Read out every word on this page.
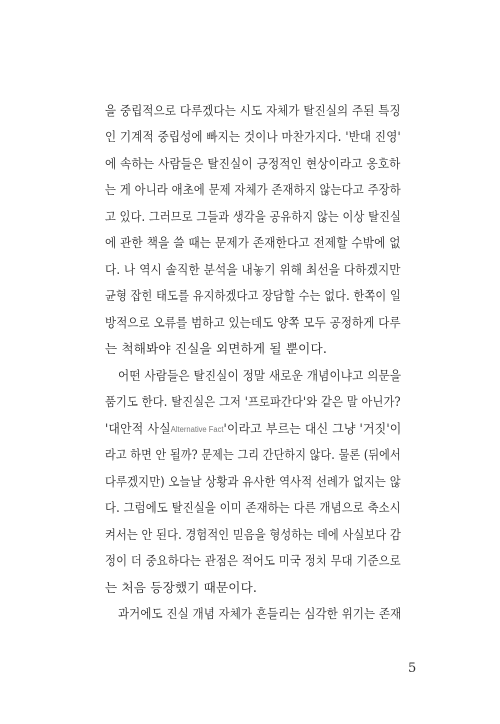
을 중립적으로 다루겠다는 시도 자체가 탈진실의 주된 특징
인 기계적 중립성에 빠지는 것이나 마찬가지다. '반대 진영'
에 속하는 사람들은 탈진실이 긍정적인 현상이라고 옹호하
는 게 아니라 애초에 문제 자체가 존재하지 않는다고 주장하
고 있다. 그러므로 그들과 생각을 공유하지 않는 이상 탈진실
에 관한 책을 쓸 때는 문제가 존재한다고 전제할 수밖에 없
다. 나 역시 솔직한 분석을 내놓기 위해 최선을 다하겠지만
균형 잡힌 태도를 유지하겠다고 장담할 수는 없다. 한쪽이 일
방적으로 오류를 범하고 있는데도 양쪽 모두 공정하게 다루
는 척해봐야 진실을 외면하게 될 뿐이다.
어떤 사람들은 탈진실이 정말 새로운 개념이냐고 의문을
품기도 한다. 탈진실은 그저 '프로파간다'와 같은 말 아닌가?
'대안적 사실Alternative Fact'이라고 부르는 대신 그냥 '거짓'이
라고 하면 안 될까? 문제는 그리 간단하지 않다. 물론 (뒤에서
다루겠지만) 오늘날 상황과 유사한 역사적 선례가 없지는 않
다. 그럼에도 탈진실을 이미 존재하는 다른 개념으로 축소시
켜서는 안 된다. 경험적인 믿음을 형성하는 데에 사실보다 감
정이 더 중요하다는 관점은 적어도 미국 정치 무대 기준으로
는 처음 등장했기 때문이다.
과거에도 진실 개념 자체가 흔들리는 심각한 위기는 존재
5
